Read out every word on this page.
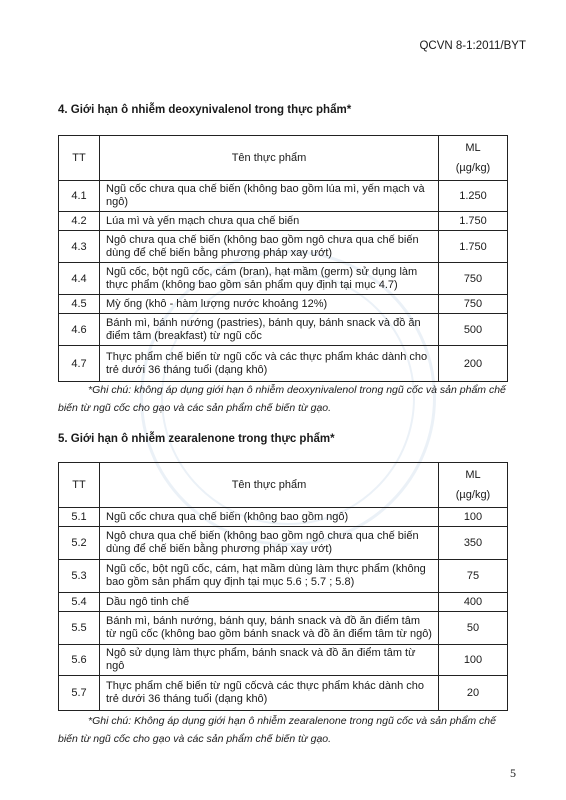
QCVN 8-1:2011/BYT
4. Giới hạn ô nhiễm deoxynivalenol trong thực phẩm*
TT	Tên thực phẩm	ML
(µg/kg)

4.1	Ngũ cốc chưa qua chế biến (không bao gồm lúa mì, yến mạch và ngô)	1.250
4.2	Lúa mì và yến mạch chưa qua chế biến	1.750
4.3	Ngô chưa qua chế biến (không bao gồm ngô chưa qua chế biến dùng để chế biến bằng phương pháp xay ướt)	1.750
4.4	Ngũ cốc, bột ngũ cốc, cám (bran), hạt mầm (germ) sử dụng làm thực phẩm (không bao gồm sản phẩm quy định tại mục 4.7)	750
4.5	Mỳ ống (khô - hàm lượng nước khoảng 12%)	750
4.6	Bánh mì, bánh nướng (pastries), bánh quy, bánh snack và đồ ăn điểm tâm (breakfast) từ ngũ cốc	500
4.7	Thực phẩm chế biến từ ngũ cốc và các thực phẩm khác dành cho trẻ dưới 36 tháng tuổi (dạng khô)	200
*Ghi chú: không áp dụng giới hạn ô nhiễm deoxynivalenol trong ngũ cốc và sản phẩm chế biến từ ngũ cốc cho gạo và các sản phẩm chế biến từ gạo.
5. Giới hạn ô nhiễm zearalenone trong thực phẩm*
TT	Tên thực phẩm	ML
(µg/kg)

5.1	Ngũ cốc chưa qua chế biến (không bao gồm ngô)	100
5.2	Ngô chưa qua chế biến (không bao gồm ngô chưa qua chế biến dùng để chế biến bằng phương pháp xay ướt)	350
5.3	Ngũ cốc, bột ngũ cốc, cám, hạt mầm dùng làm thực phẩm (không bao gồm sản phẩm quy định tại mục 5.6 ; 5.7 ; 5.8)	75
5.4	Dầu ngô tinh chế	400
5.5	Bánh mì, bánh nướng, bánh quy, bánh snack và đồ ăn điểm tâm từ ngũ cốc (không bao gồm bánh snack và đồ ăn điểm tâm từ ngô)	50
5.6	Ngô sử dụng làm thực phẩm, bánh snack và đồ ăn điểm tâm từ ngô	100
5.7	Thực phẩm chế biến từ ngũ cốcvà các thực phẩm khác dành cho trẻ dưới 36 tháng tuổi (dạng khô)	20
*Ghi chú: Không áp dụng giới hạn ô nhiễm zearalenone trong ngũ cốc và sản phẩm chế biến từ ngũ cốc cho gạo và các sản phẩm chế biến từ gạo.
5
